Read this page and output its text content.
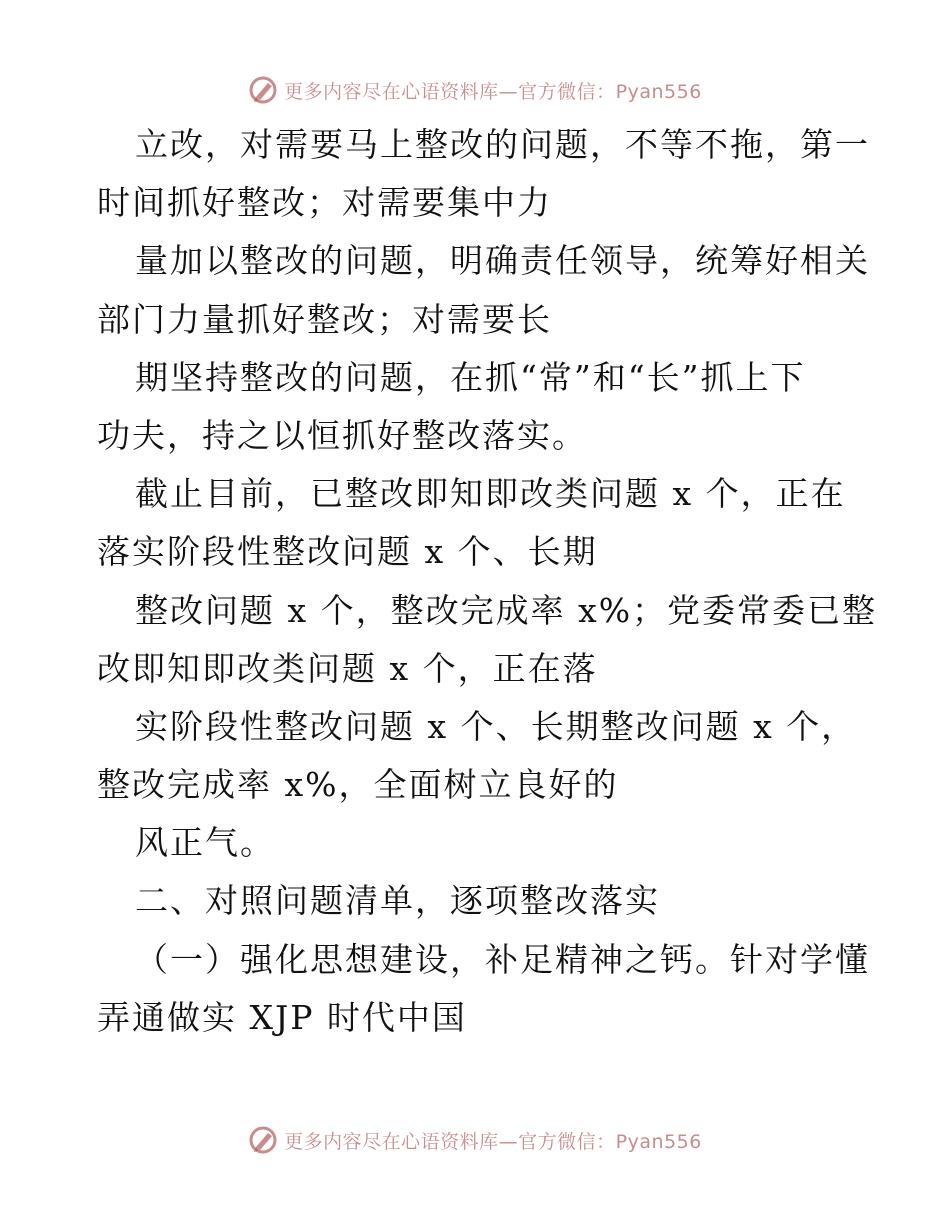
更多内容尽在心语资料库—官方微信：Pyan556
立改，对需要马上整改的问题，不等不拖，第一
时间抓好整改；对需要集中力
量加以整改的问题，明确责任领导，统筹好相关
部门力量抓好整改；对需要长
期坚持整改的问题，在抓“常”和“长”抓上下
功夫，持之以恒抓好整改落实。
截止目前，已整改即知即改类问题 x 个，正在
落实阶段性整改问题 x 个、长期
整改问题 x 个，整改完成率 x%；党委常委已整
改即知即改类问题 x 个，正在落
实阶段性整改问题 x 个、长期整改问题 x 个，
整改完成率 x%，全面树立良好的
风正气。
二、对照问题清单，逐项整改落实
（一）强化思想建设，补足精神之钙。针对学懂
弄通做实 XJP 时代中国
更多内容尽在心语资料库—官方微信：Pyan556
